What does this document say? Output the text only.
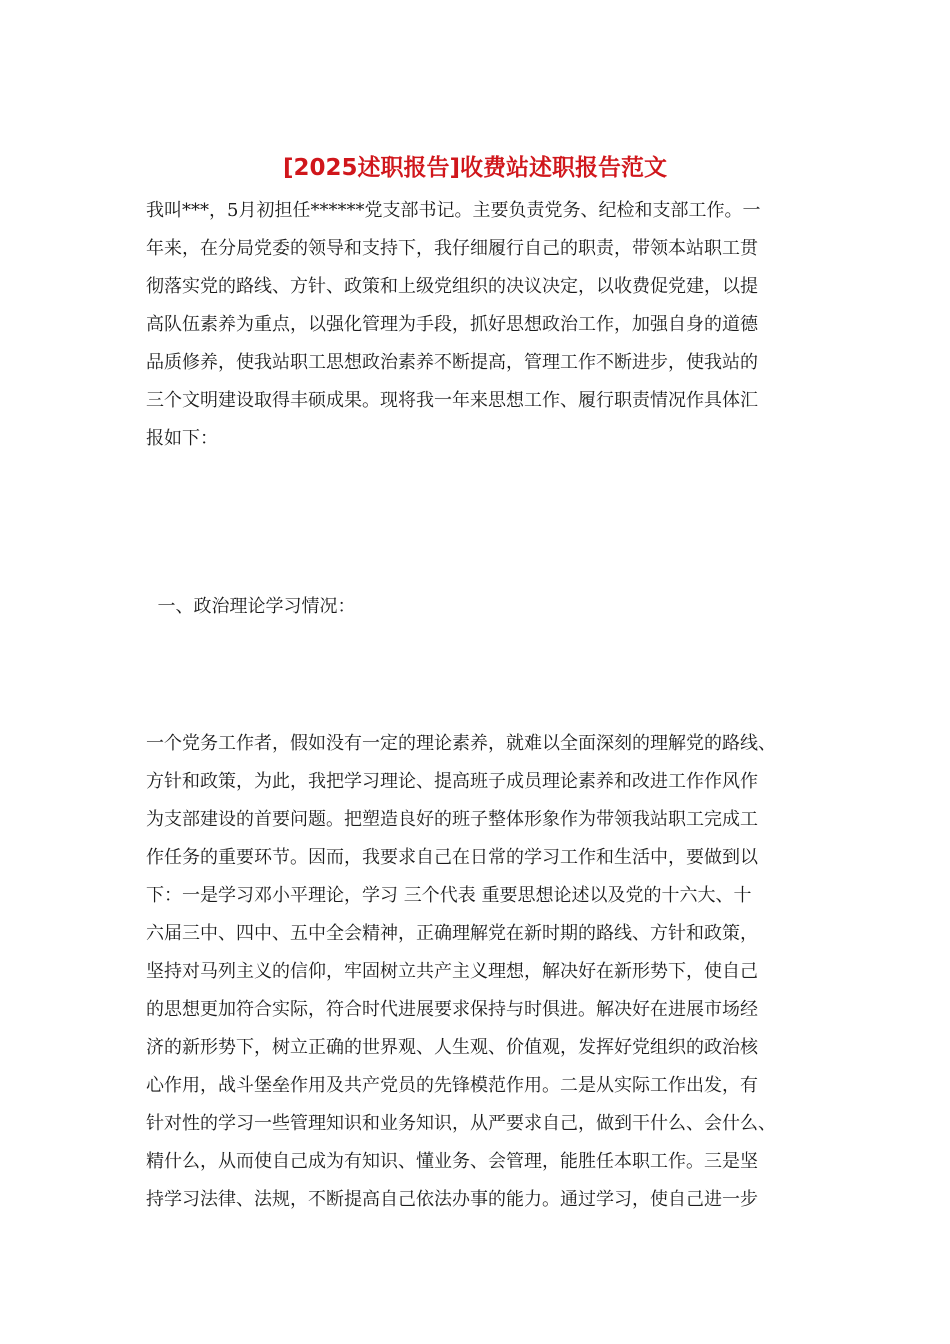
[2025述职报告]收费站述职报告范文
我叫***，5月初担任******党支部书记。主要负责党务、纪检和支部工作。一
年来，在分局党委的领导和支持下，我仔细履行自己的职责，带领本站职工贯
彻落实党的路线、方针、政策和上级党组织的决议决定，以收费促党建，以提
高队伍素养为重点，以强化管理为手段，抓好思想政治工作，加强自身的道德
品质修养，使我站职工思想政治素养不断提高，管理工作不断进步，使我站的
三个文明建设取得丰硕成果。现将我一年来思想工作、履行职责情况作具体汇
报如下：
一、政治理论学习情况：
一个党务工作者，假如没有一定的理论素养，就难以全面深刻的理解党的路线、
方针和政策，为此，我把学习理论、提高班子成员理论素养和改进工作作风作
为支部建设的首要问题。把塑造良好的班子整体形象作为带领我站职工完成工
作任务的重要环节。因而，我要求自己在日常的学习工作和生活中，要做到以
下：一是学习邓小平理论，学习 三个代表 重要思想论述以及党的十六大、十
六届三中、四中、五中全会精神，正确理解党在新时期的路线、方针和政策，
坚持对马列主义的信仰，牢固树立共产主义理想，解决好在新形势下，使自己
的思想更加符合实际，符合时代进展要求保持与时俱进。解决好在进展市场经
济的新形势下，树立正确的世界观、人生观、价值观，发挥好党组织的政治核
心作用，战斗堡垒作用及共产党员的先锋模范作用。二是从实际工作出发，有
针对性的学习一些管理知识和业务知识，从严要求自己，做到干什么、会什么、
精什么，从而使自己成为有知识、懂业务、会管理，能胜任本职工作。三是坚
持学习法律、法规，不断提高自己依法办事的能力。通过学习，使自己进一步
